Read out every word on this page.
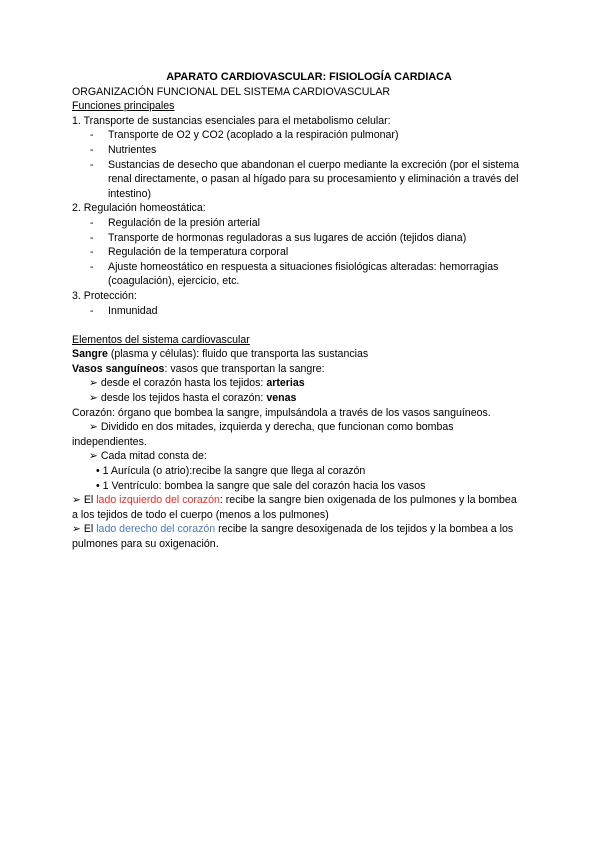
APARATO CARDIOVASCULAR: FISIOLOGÍA CARDIACA
ORGANIZACIÓN FUNCIONAL DEL SISTEMA CARDIOVASCULAR
Funciones principales
1. Transporte de sustancias esenciales para el metabolismo celular:
- Transporte de O2 y CO2 (acoplado a la respiración pulmonar)
- Nutrientes
- Sustancias de desecho que abandonan el cuerpo mediante la excreción (por el sistema renal directamente, o pasan al hígado para su procesamiento y eliminación a través del intestino)
2. Regulación homeostática:
- Regulación de la presión arterial
- Transporte de hormonas reguladoras a sus lugares de acción (tejidos diana)
- Regulación de la temperatura corporal
- Ajuste homeostático en respuesta a situaciones fisiológicas alteradas: hemorragias (coagulación), ejercicio, etc.
3. Protección:
- Inmunidad
Elementos del sistema cardiovascular
Sangre (plasma y células): fluido que transporta las sustancias
Vasos sanguíneos: vasos que transportan la sangre:
➢ desde el corazón hasta los tejidos: arterias
➢ desde los tejidos hasta el corazón: venas
Corazón: órgano que bombea la sangre, impulsándola a través de los vasos sanguíneos.
➢ Dividido en dos mitades, izquierda y derecha, que funcionan como bombas independientes.
➢ Cada mitad consta de:
• 1 Aurícula (o atrio):recibe la sangre que llega al corazón
• 1 Ventrículo: bombea la sangre que sale del corazón hacia los vasos
➢ El lado izquierdo del corazón: recibe la sangre bien oxigenada de los pulmones y la bombea a los tejidos de todo el cuerpo (menos a los pulmones)
➢ El lado derecho del corazón recibe la sangre desoxigenada de los tejidos y la bombea a los pulmones para su oxigenación.
